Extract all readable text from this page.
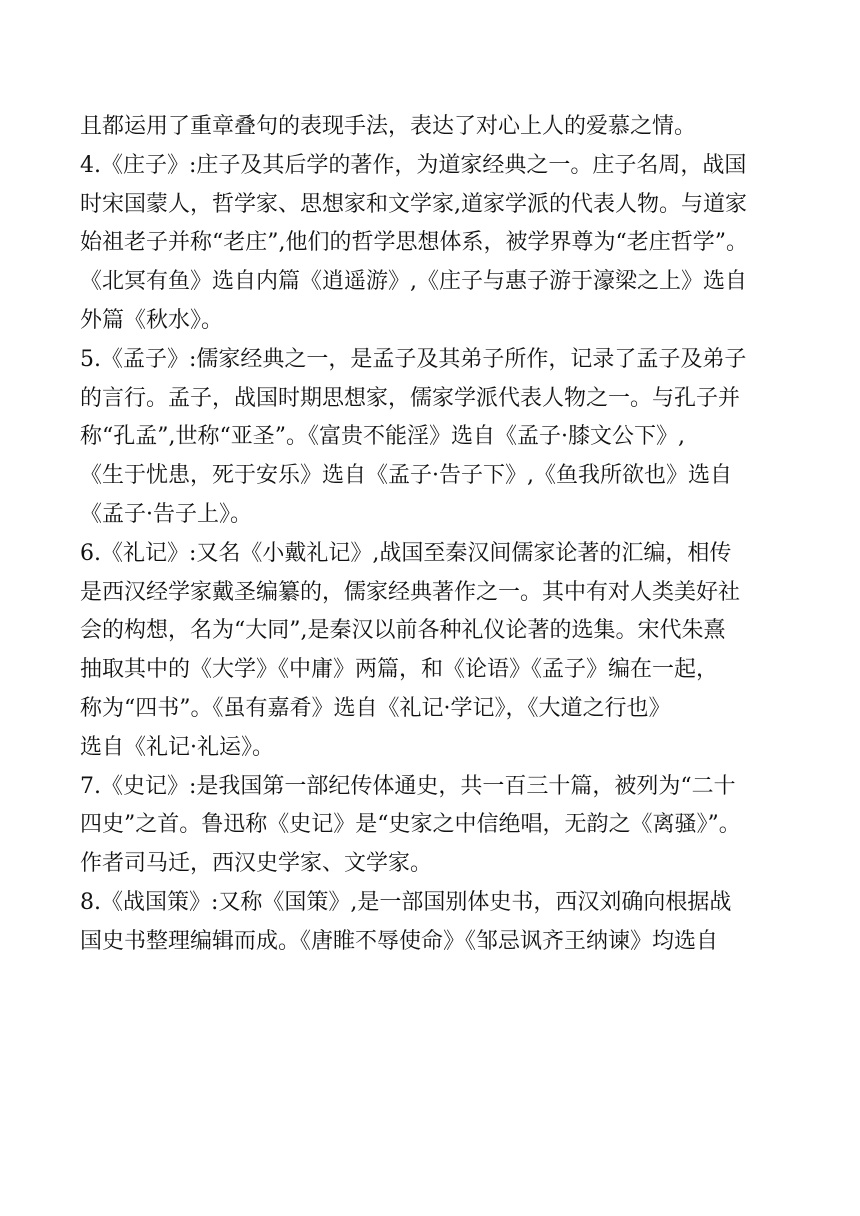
且都运用了重章叠句的表现手法，表达了对心上人的爱慕之情。
4.《庄子》:庄子及其后学的著作，为道家经典之一。庄子名周，战国
时宋国蒙人，哲学家、思想家和文学家,道家学派的代表人物。与道家
始祖老子并称“老庄”,他们的哲学思想体系，被学界尊为“老庄哲学”。
《北冥有鱼》选自内篇《逍遥游》,《庄子与惠子游于濠梁之上》选自
外篇《秋水》。
5.《孟子》:儒家经典之一，是孟子及其弟子所作，记录了孟子及弟子
的言行。孟子，战国时期思想家，儒家学派代表人物之一。与孔子并
称“孔孟”,世称“亚圣”。《富贵不能淫》选自《孟子·膝文公下》,
《生于忧患，死于安乐》选自《孟子·告子下》,《鱼我所欲也》选自
《孟子·告子上》。
6.《礼记》:又名《小戴礼记》,战国至秦汉间儒家论著的汇编，相传
是西汉经学家戴圣编纂的，儒家经典著作之一。其中有对人类美好社
会的构想，名为“大同”,是秦汉以前各种礼仪论著的选集。宋代朱熹
抽取其中的《大学》《中庸》两篇，和《论语》《孟子》编在一起，
称为“四书”。《虽有嘉肴》选自《礼记·学记》，《大道之行也》
选自《礼记·礼运》。
7.《史记》:是我国第一部纪传体通史，共一百三十篇，被列为“二十
四史”之首。鲁迅称《史记》是“史家之中信绝唱，无韵之《离骚》”。
作者司马迁，西汉史学家、文学家。
8.《战国策》:又称《国策》,是一部国别体史书，西汉刘确向根据战
国史书整理编辑而成。《唐睢不辱使命》《邹忌讽齐王纳谏》均选自
